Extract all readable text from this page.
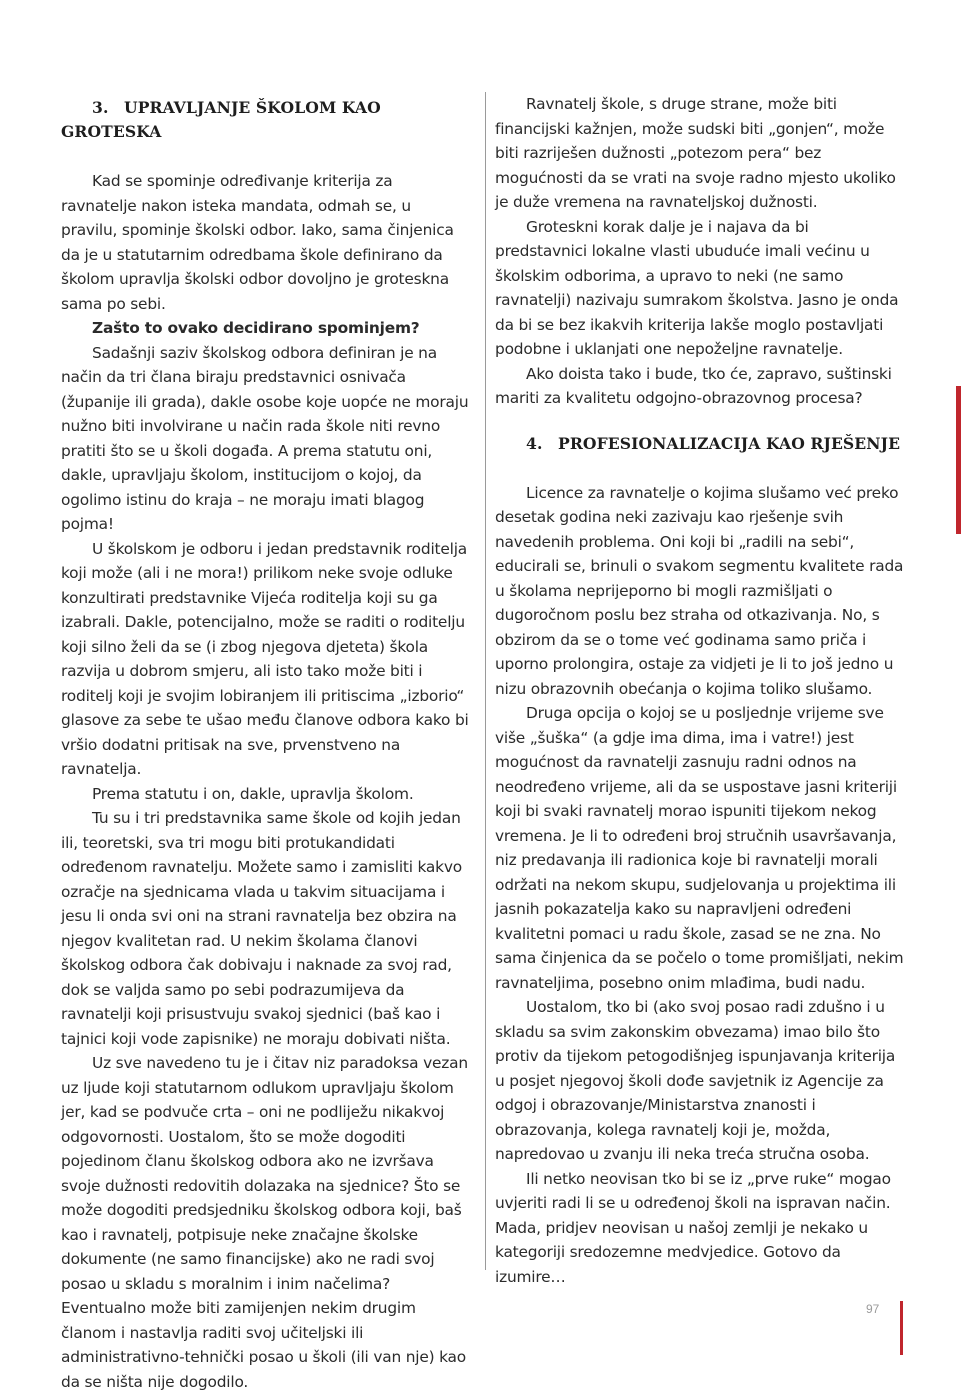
3. UPRAVLJANJE ŠKOLOM KAO GROTESKA

Kad se spominje određivanje kriterija za ravnatelje nakon isteka mandata, odmah se, u pravilu, spominje školski odbor. Iako, sama činjenica da je u statutarnim odredbama škole definirano da školom upravlja školski odbor dovoljno je groteskna sama po sebi.

Zašto to ovako decidirano spominjem?

Sadašnji saziv školskog odbora definiran je na način da tri člana biraju predstavnici osnivača (županije ili grada), dakle osobe koje uopće ne moraju nužno biti involvirane u način rada škole niti revno pratiti što se u školi događa. A prema statutu oni, dakle, upravljaju školom, institucijom o kojoj, da ogolimo istinu do kraja – ne moraju imati blagog pojma!

U školskom je odboru i jedan predstavnik roditelja koji može (ali i ne mora!) prilikom neke svoje odluke konzultirati predstavnike Vijeća roditelja koji su ga izabrali. Dakle, potencijalno, može se raditi o roditelju koji silno želi da se (i zbog njegova djeteta) škola razvija u dobrom smjeru, ali isto tako može biti i roditelj koji je svojim lobiranjem ili pritiscima „izborio“ glasove za sebe te ušao među članove odbora kako bi vršio dodatni pritisak na sve, prvenstveno na ravnatelja.

Prema statutu i on, dakle, upravlja školom.

Tu su i tri predstavnika same škole od kojih jedan ili, teoretski, sva tri mogu biti protukandidati određenom ravnatelju. Možete samo i zamisliti kakvo ozračje na sjednicama vlada u takvim situacijama i jesu li onda svi oni na strani ravnatelja bez obzira na njegov kvalitetan rad. U nekim školama članovi školskog odbora čak dobivaju i naknade za svoj rad, dok se valjda samo po sebi podrazumijeva da ravnatelji koji prisustvuju svakoj sjednici (baš kao i tajnici koji vode zapisnike) ne moraju dobivati ništa.

Uz sve navedeno tu je i čitav niz paradoksa vezan uz ljude koji statutarnom odlukom upravljaju školom jer, kad se podvuče crta – oni ne podliježu nikakvoj odgovornosti. Uostalom, što se može dogoditi pojedinom članu školskog odbora ako ne izvršava svoje dužnosti redovitih dolazaka na sjednice? Što se može dogoditi predsjedniku školskog odbora koji, baš kao i ravnatelj, potpisuje neke značajne školske dokumente (ne samo financijske) ako ne radi svoj posao u skladu s moralnim i inim načelima? Eventualno može biti zamijenjen nekim drugim članom i nastavlja raditi svoj učiteljski ili administrativno-tehnički posao u školi (ili van nje) kao da se ništa nije dogodilo.

Ravnatelj škole, s druge strane, može biti financijski kažnjen, može sudski biti „gonjen“, može biti razriješen dužnosti „potezom pera“ bez mogućnosti da se vrati na svoje radno mjesto ukoliko je duže vremena na ravnateljskoj dužnosti.

Groteskni korak dalje je i najava da bi predstavnici lokalne vlasti ubuduće imali većinu u školskim odborima, a upravo to neki (ne samo ravnatelji) nazivaju sumrakom školstva. Jasno je onda da bi se bez ikakvih kriterija lakše moglo postavljati podobne i uklanjati one nepoželjne ravnatelje.

Ako doista tako i bude, tko će, zapravo, suštinski mariti za kvalitetu odgojno-obrazovnog procesa?

4. PROFESIONALIZACIJA KAO RJEŠENJE

Licence za ravnatelje o kojima slušamo već preko desetak godina neki zazivaju kao rješenje svih navedenih problema. Oni koji bi „radili na sebi“, educirali se, brinuli o svakom segmentu kvalitete rada u školama neprijeporno bi mogli razmišljati o dugoročnom poslu bez straha od otkazivanja. No, s obzirom da se o tome već godinama samo priča i uporno prolongira, ostaje za vidjeti je li to još jedno u nizu obrazovnih obećanja o kojima toliko slušamo.

Druga opcija o kojoj se u posljednje vrijeme sve više „šuška“ (a gdje ima dima, ima i vatre!) jest mogućnost da ravnatelji zasnuju radni odnos na neodređeno vrijeme, ali da se uspostave jasni kriteriji koji bi svaki ravnatelj morao ispuniti tijekom nekog vremena. Je li to određeni broj stručnih usavršavanja, niz predavanja ili radionica koje bi ravnatelji morali održati na nekom skupu, sudjelovanja u projektima ili jasnih pokazatelja kako su napravljeni određeni kvalitetni pomaci u radu škole, zasad se ne zna. No sama činjenica da se počelo o tome promišljati, nekim ravnateljima, posebno onim mlađima, budi nadu.

Uostalom, tko bi (ako svoj posao radi zdušno i u skladu sa svim zakonskim obvezama) imao bilo što protiv da tijekom petogodišnjeg ispunjavanja kriterija u posjet njegovoj školi dođe savjetnik iz Agencije za odgoj i obrazovanje/Ministarstva znanosti i obrazovanja, kolega ravnatelj koji je, možda, napredovao u zvanju ili neka treća stručna osoba.

Ili netko neovisan tko bi se iz „prve ruke“ mogao uvjeriti radi li se u određenoj školi na ispravan način. Mada, pridjev neovisan u našoj zemlji je nekako u kategoriji sredozemne medvjedice. Gotovo da izumire…

97
